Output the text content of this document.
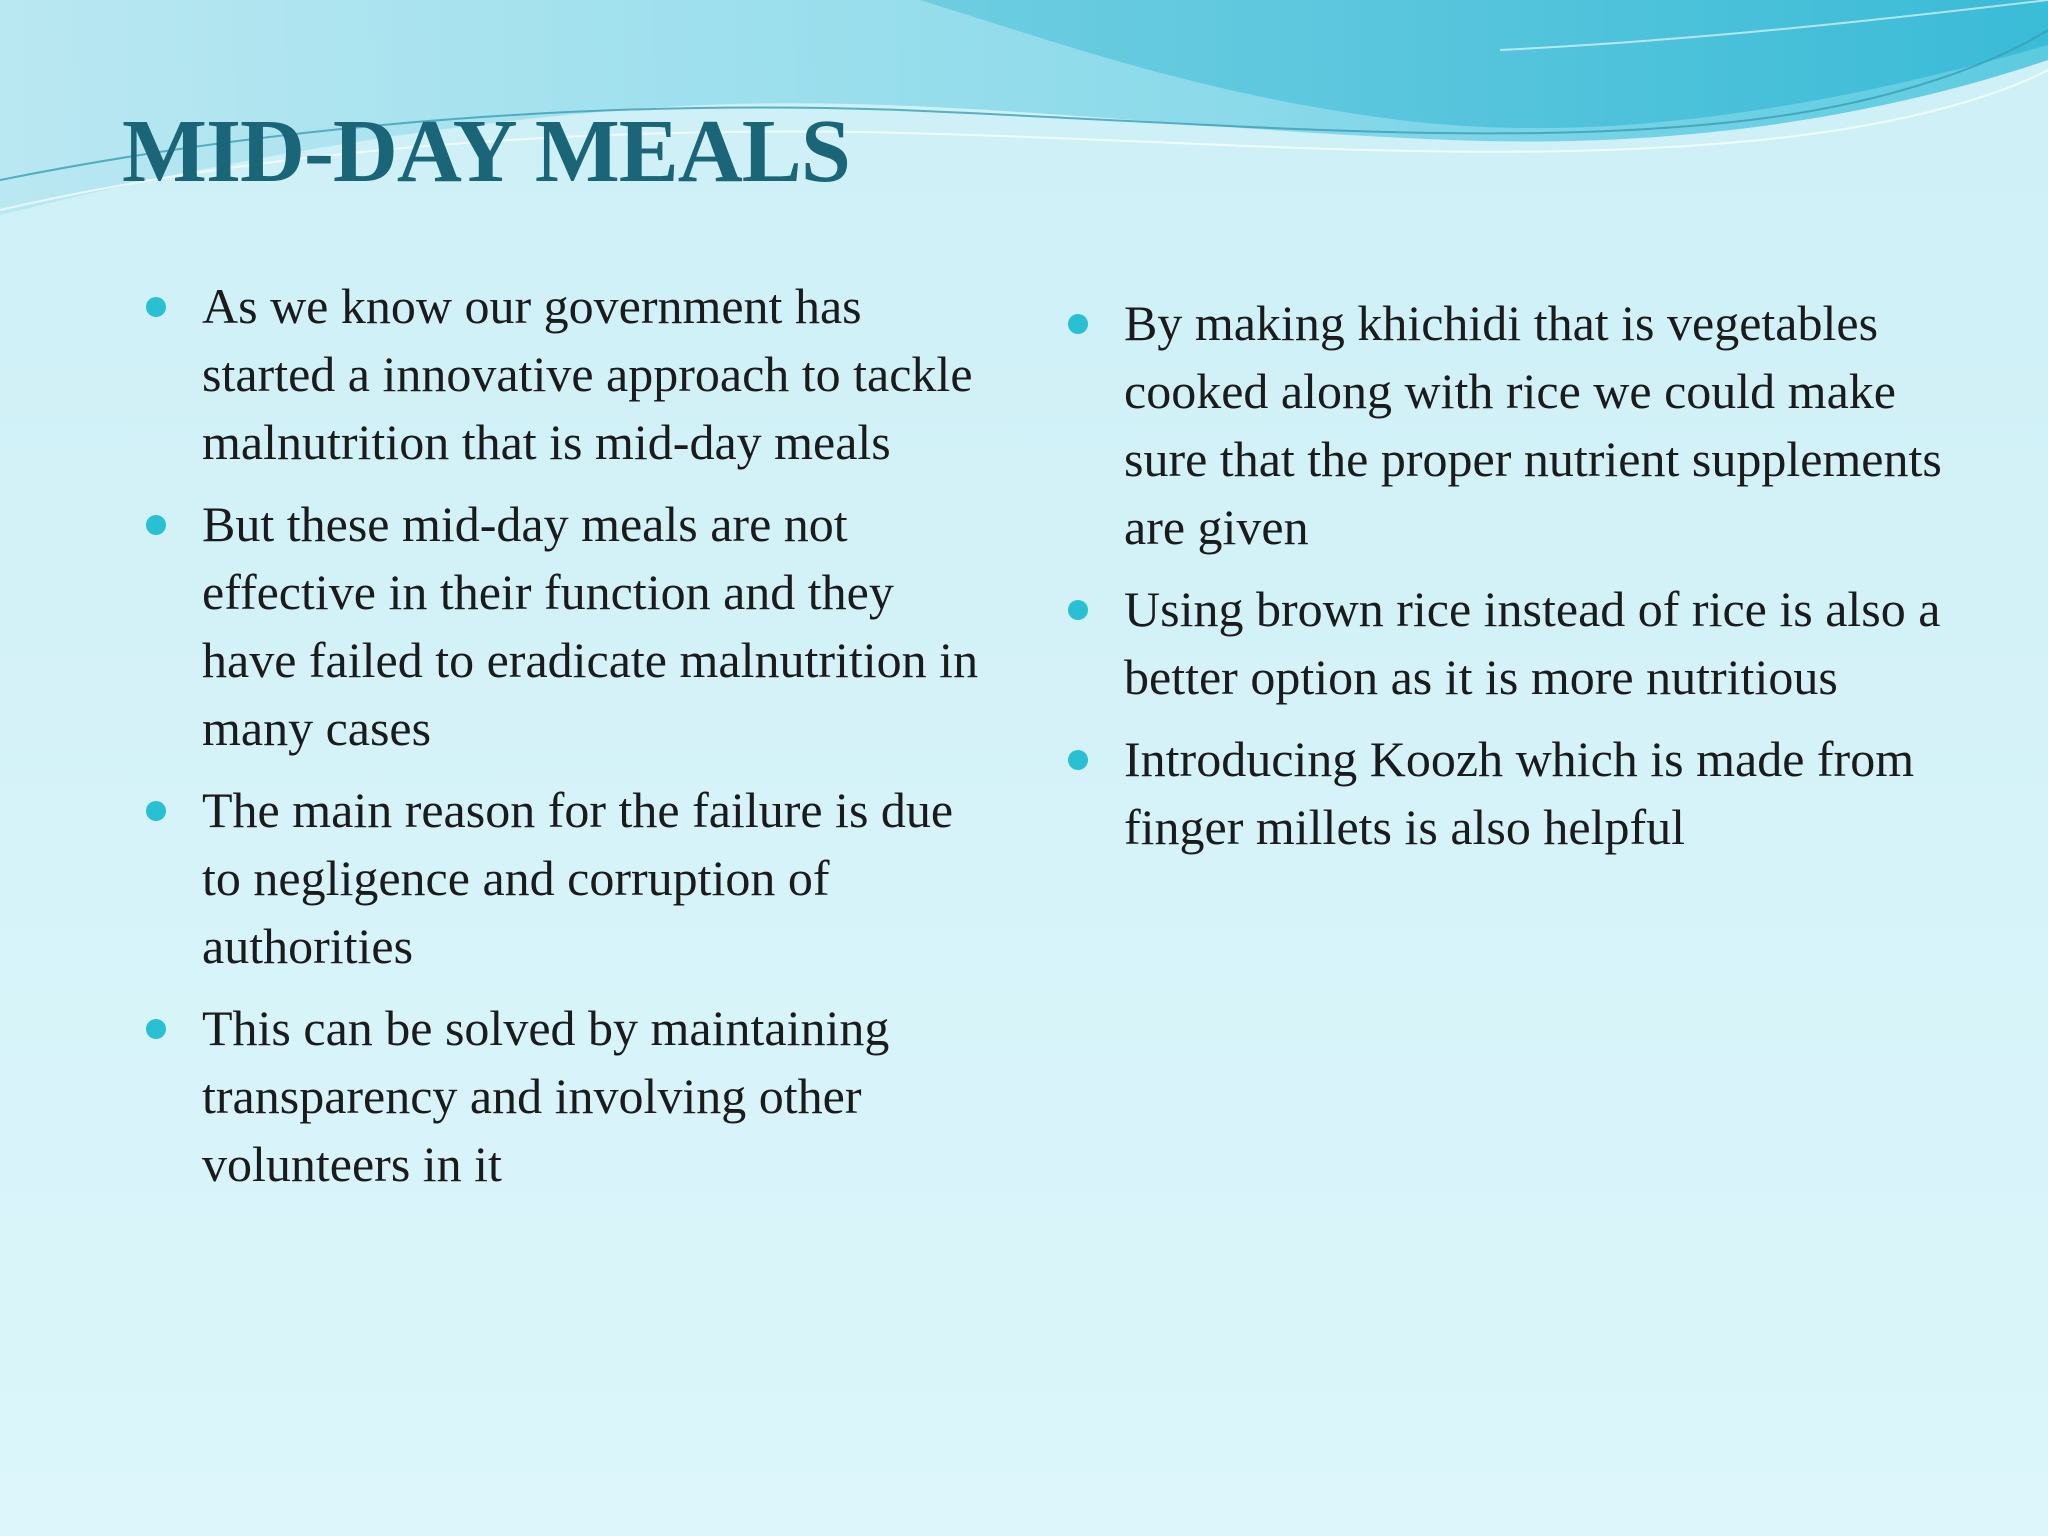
MID-DAY MEALS
As we know our government has started a innovative approach to tackle malnutrition that is mid-day meals
But these mid-day meals are not effective in their function and they have failed to eradicate malnutrition in many cases
The main reason for the failure is due to negligence and corruption of authorities
This can be solved by maintaining transparency and involving other volunteers in it
By making khichidi that is vegetables cooked along with rice we could make sure that the proper nutrient supplements are given
Using brown rice instead of rice is also a better option as it is more nutritious
Introducing Koozh which is made from finger millets is also helpful
